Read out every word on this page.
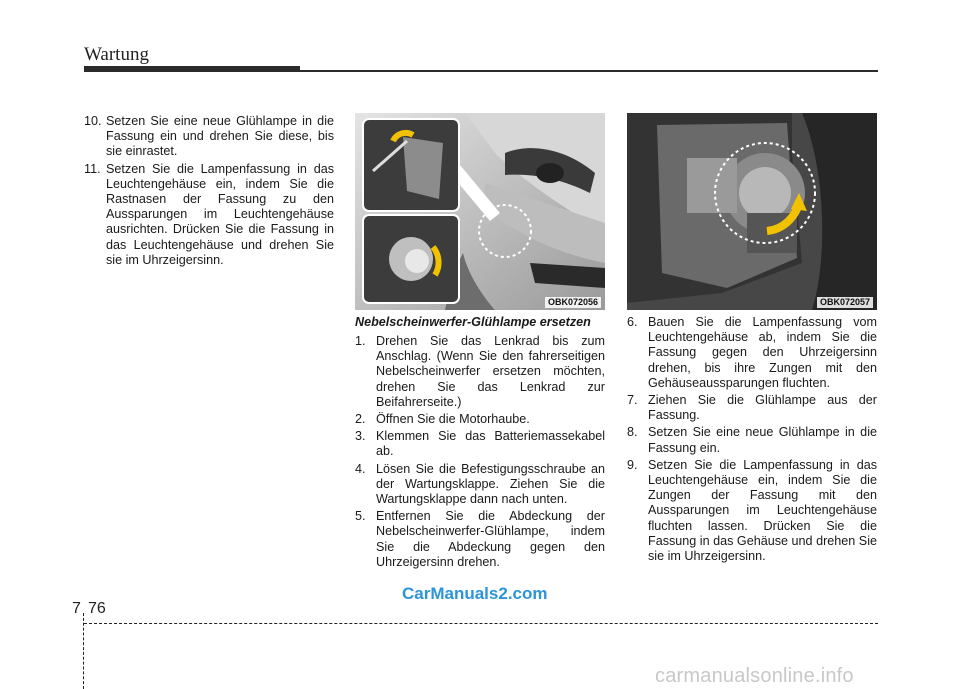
Wartung
10. Setzen Sie eine neue Glühlampe in die Fassung ein und drehen Sie diese, bis sie einrastet.
11. Setzen Sie die Lampenfassung in das Leuchtengehäuse ein, indem Sie die Rastnasen der Fassung zu den Aussparungen im Leuchtengehäuse ausrichten. Drücken Sie die Fassung in das Leuchtengehäuse und drehen Sie sie im Uhrzeigersinn.
OBK072056	OBK072057
Nebelscheinwerfer-Glühlampe ersetzen
1. Drehen Sie das Lenkrad bis zum Anschlag. (Wenn Sie den fahrerseitigen Nebelscheinwerfer ersetzen möchten, drehen Sie das Lenkrad zur Beifahrerseite.)
2. Öffnen Sie die Motorhaube.
3. Klemmen Sie das Batteriemassekabel ab.
4. Lösen Sie die Befestigungsschraube an der Wartungsklappe. Ziehen Sie die Wartungsklappe dann nach unten.
5. Entfernen Sie die Abdeckung der Nebelscheinwerfer-Glühlampe, indem Sie die Abdeckung gegen den Uhrzeigersinn drehen.
6. Bauen Sie die Lampenfassung vom Leuchtengehäuse ab, indem Sie die Fassung gegen den Uhrzeigersinn drehen, bis ihre Zungen mit den Gehäuseaussparungen fluchten.
7. Ziehen Sie die Glühlampe aus der Fassung.
8. Setzen Sie eine neue Glühlampe in die Fassung ein.
9. Setzen Sie die Lampenfassung in das Leuchtengehäuse ein, indem Sie die Zungen der Fassung mit den Aussparungen im Leuchtengehäuse fluchten lassen. Drücken Sie die Fassung in das Gehäuse und drehen Sie sie im Uhrzeigersinn.
CarManuals2.com
7 76
carmanualsonline.info
